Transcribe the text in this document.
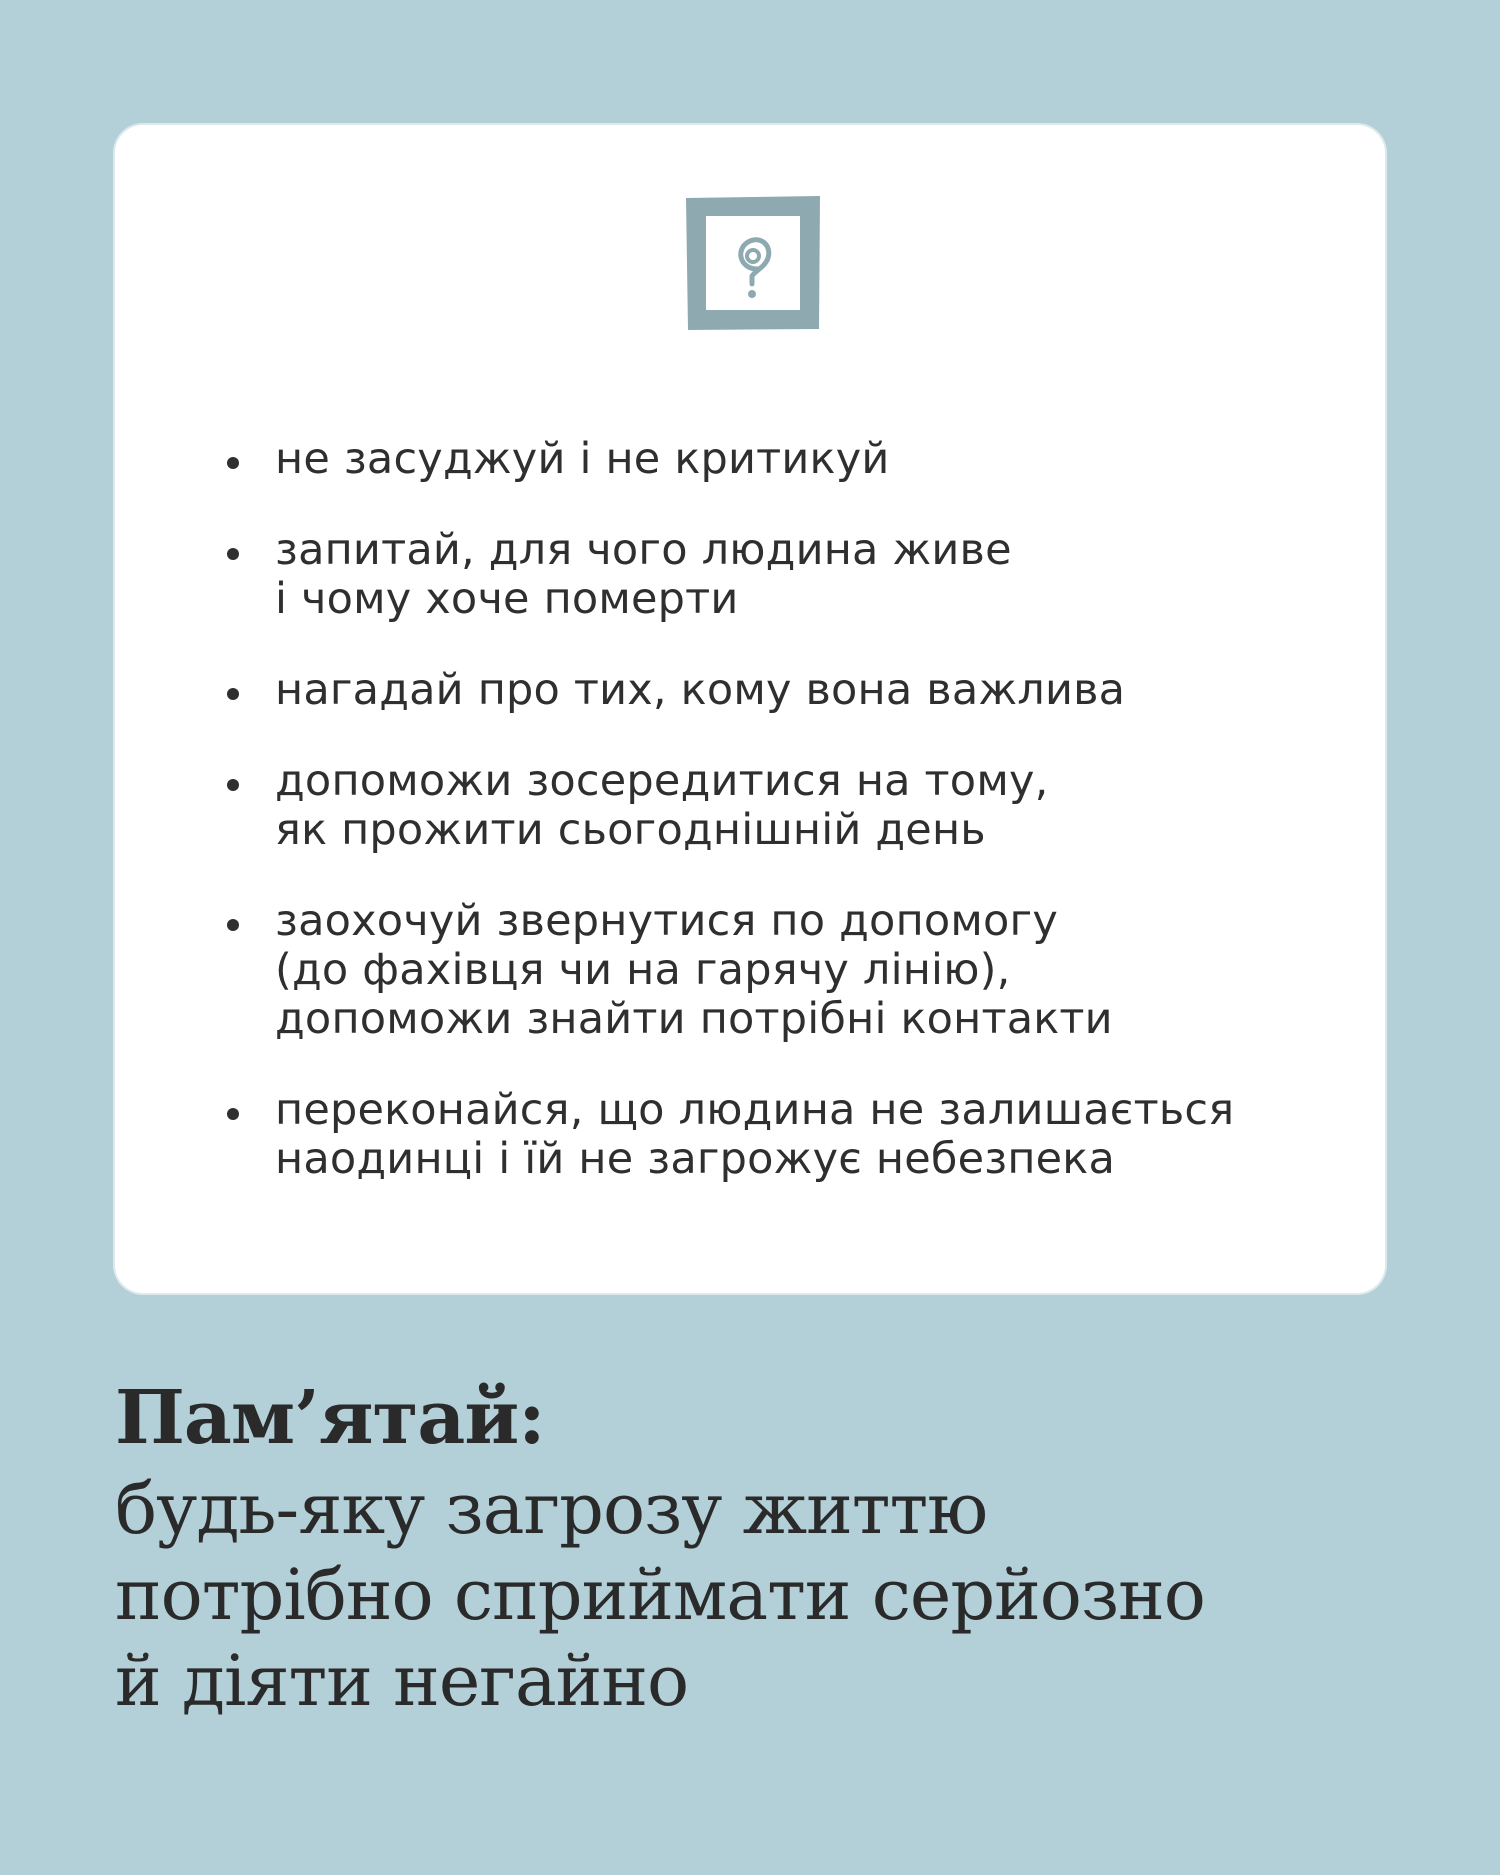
не засуджуй і не критикуй
запитай, для чого людина живе
і чому хоче померти
нагадай про тих, кому вона важлива
допоможи зосередитися на тому,
як прожити сьогоднішній день
заохочуй звернутися по допомогу
(до фахівця чи на гарячу лінію),
допоможи знайти потрібні контакти
переконайся, що людина не залишається
наодинці і їй не загрожує небезпека
Пам’ятай:
будь-яку загрозу життю
потрібно сприймати серйозно
й діяти негайно
